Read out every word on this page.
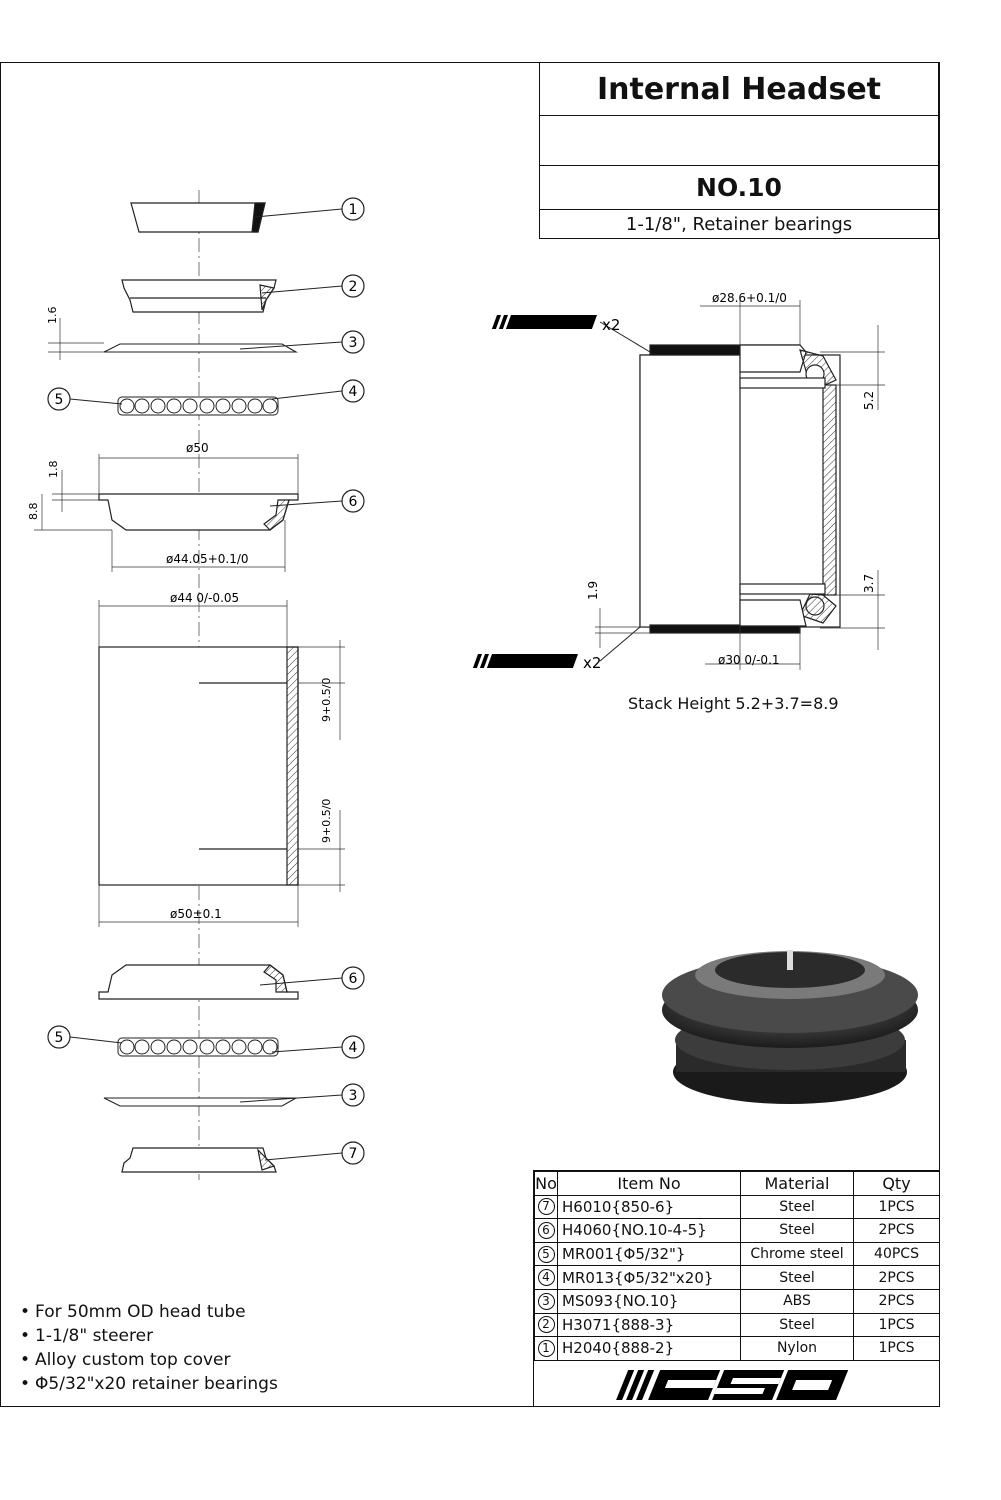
1
2
3
1.6
4
5
6
ø50
1.8
8.8
ø44.05+0.1/0
ø44 0/-0.05
9+0.5/0
9+0.5/0
ø50±0.1
6
4
5
3
7
ø28.6+0.1/0
5.2
3.7
1.9
ø30 0/-0.1
x2
x2
Internal Headset
NO.10
1-1/8", Retainer bearings
Stack Height 5.2+3.7=8.9
• For 50mm OD head tube
• 1-1/8" steerer
• Alloy custom top cover
• Φ5/32"x20 retainer bearings
No	Item No	Material	Qty
7	H6010{850-6}	Steel	1PCS
6	H4060{NO.10-4-5}	Steel	2PCS
5	MR001{Φ5/32"}	Chrome steel	40PCS
4	MR013{Φ5/32"x20}	Steel	2PCS
3	MS093{NO.10}	ABS	2PCS
2	H3071{888-3}	Steel	1PCS
1	H2040{888-2}	Nylon	1PCS
